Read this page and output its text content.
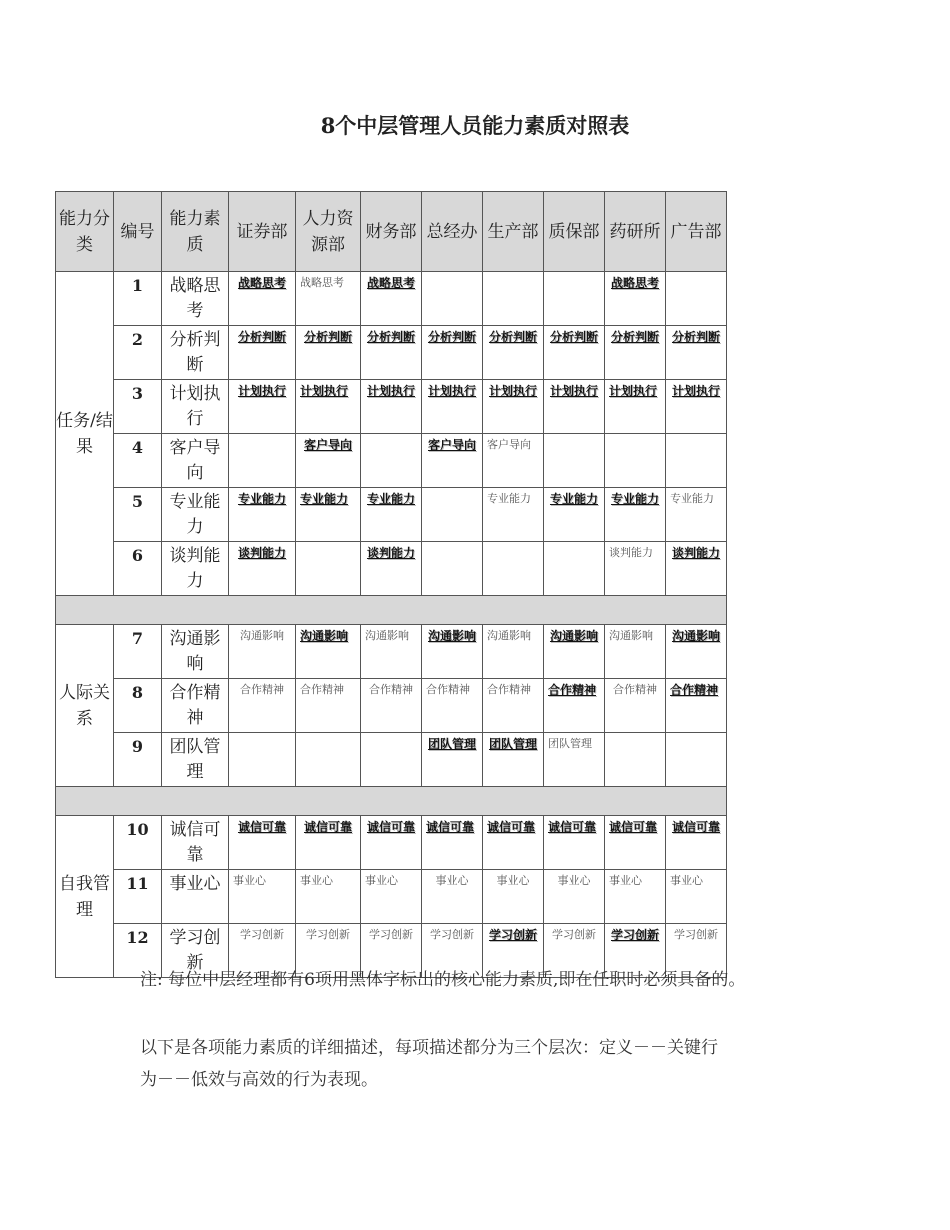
8个中层管理人员能力素质对照表
能力分类	编号	能力素质	证券部	人力资源部	财务部	总经办	生产部	质保部	药研所	广告部
任务/结果	1	战略思考	战略思考	战略思考	战略思考				战略思考	
	2	分析判断	分析判断	分析判断	分析判断	分析判断	分析判断	分析判断	分析判断	分析判断
	3	计划执行	计划执行	计划执行	计划执行	计划执行	计划执行	计划执行	计划执行	计划执行
	4	客户导向		客户导向		客户导向	客户导向			
	5	专业能力	专业能力	专业能力	专业能力		专业能力	专业能力	专业能力	专业能力
	6	谈判能力	谈判能力		谈判能力				谈判能力	谈判能力

人际关系	7	沟通影响	沟通影响	沟通影响	沟通影响	沟通影响	沟通影响	沟通影响	沟通影响	沟通影响
	8	合作精神	合作精神	合作精神	合作精神	合作精神	合作精神	合作精神	合作精神	合作精神
	9	团队管理				团队管理	团队管理	团队管理		

自我管理	10	诚信可靠	诚信可靠	诚信可靠	诚信可靠	诚信可靠	诚信可靠	诚信可靠	诚信可靠	诚信可靠
	11	事业心	事业心	事业心	事业心	事业心	事业心	事业心	事业心	事业心
	12	学习创新	学习创新	学习创新	学习创新	学习创新	学习创新	学习创新	学习创新	学习创新
注: 每位中层经理都有6项用黑体字标出的核心能力素质,即在任职时必须具备的。
以下是各项能力素质的详细描述，每项描述都分为三个层次：定义－－关键行
为－－低效与高效的行为表现。
